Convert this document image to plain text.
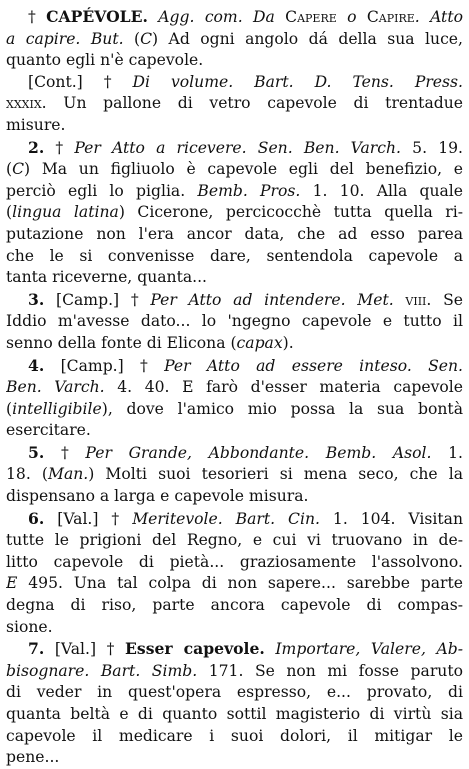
† CAPÉVOLE. Agg. com. Da Capere o Capire. Atto
a capire. But. (C) Ad ogni angolo dá della sua luce,
quanto egli n'è capevole.
[Cont.] † Di volume. Bart. D. Tens. Press.
xxxix. Un pallone di vetro capevole di trentadue
misure.
2. † Per Atto a ricevere. Sen. Ben. Varch. 5. 19.
(C) Ma un figliuolo è capevole egli del benefizio, e
perciò egli lo piglia. Bemb. Pros. 1. 10. Alla quale
(lingua latina) Cicerone, percicocchè tutta quella ri-
putazione non l'era ancor data, che ad esso parea
che le si convenisse dare, sentendola capevole a
tanta riceverne, quanta...
3. [Camp.] † Per Atto ad intendere. Met. viii. Se
Iddio m'avesse dato... lo 'ngegno capevole e tutto il
senno della fonte di Elicona (capax).
4. [Camp.] † Per Atto ad essere inteso. Sen.
Ben. Varch. 4. 40. E farò d'esser materia capevole
(intelligibile), dove l'amico mio possa la sua bontà
esercitare.
5. † Per Grande, Abbondante. Bemb. Asol. 1.
18. (Man.) Molti suoi tesorieri si mena seco, che la
dispensano a larga e capevole misura.
6. [Val.] † Meritevole. Bart. Cin. 1. 104. Visitan
tutte le prigioni del Regno, e cui vi truovano in de-
litto capevole di pietà... graziosamente l'assolvono.
E 495. Una tal colpa di non sapere... sarebbe parte
degna di riso, parte ancora capevole di compas-
sione.
7. [Val.] † Esser capevole. Importare, Valere, Ab-
bisognare. Bart. Simb. 171. Se non mi fosse paruto
di veder in quest'opera espresso, e... provato, di
quanta beltà e di quanto sottil magisterio di virtù sia
capevole il medicare i suoi dolori, il mitigar le
pene...
